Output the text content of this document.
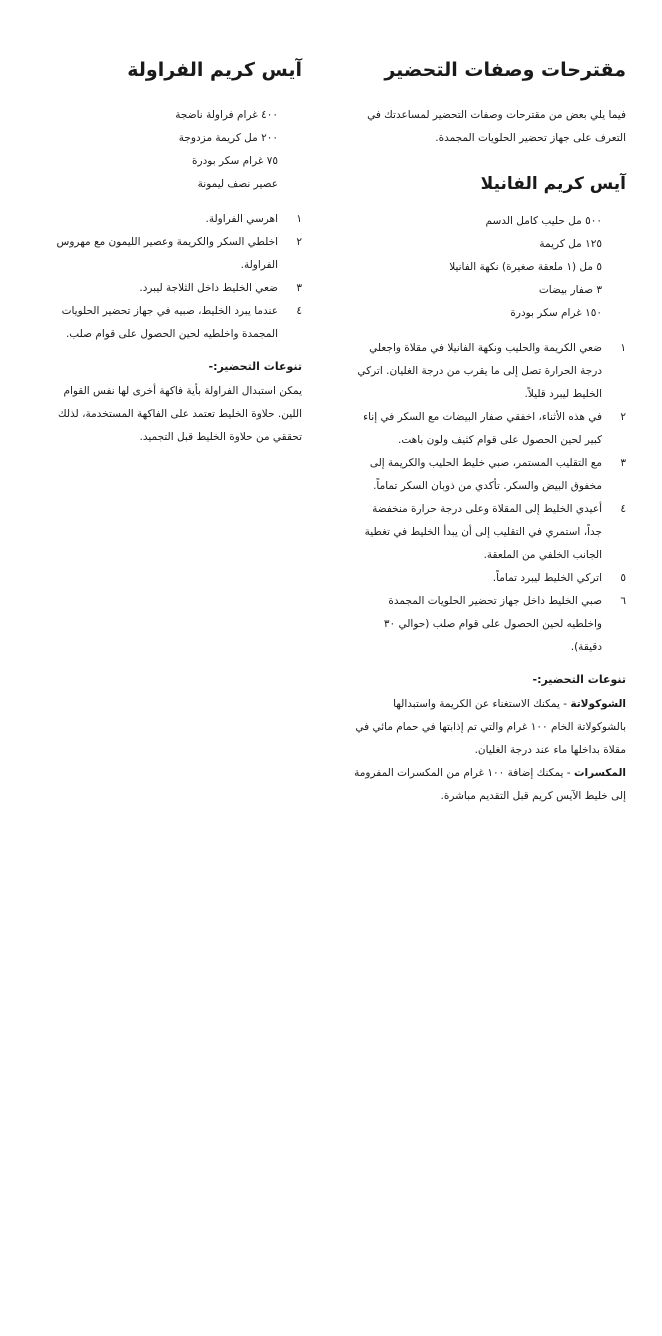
مقترحات وصفات التحضير

فيما يلي بعض من مقترحات وصفات التحضير لمساعدتك في التعرف على جهاز تحضير الحلويات المجمدة.

آيس كريم الفانيلا
٥٠٠ مل حليب كامل الدسم
١٢٥ مل كريمة
٥ مل (١ ملعقة صغيرة) نكهة الفانيلا
٣ صفار بيضات
١٥٠ غرام سكر بودرة
١
ضعي الكريمة والحليب ونكهة الفانيلا في مقلاة واجعلي درجة الحرارة تصل إلى ما يقرب من درجة الغليان. اتركي الخليط ليبرد قليلاً.
٢
في هذه الأثناء، اخفقي صفار البيضات مع السكر في إناء كبير لحين الحصول على قوام كثيف ولون باهت.
٣
مع التقليب المستمر، صبي خليط الحليب والكريمة إلى مخفوق البيض والسكر. تأكدي من ذوبان السكر تماماً.
٤
أعيدي الخليط إلى المقلاة وعلى درجة حرارة منخفضة جداً، استمري في التقليب إلى أن يبدأ الخليط في تغطية الجانب الخلفي من الملعقة.
٥
اتركي الخليط ليبرد تماماً.
٦
صبي الخليط داخل جهاز تحضير الحلويات المجمدة واخلطيه لحين الحصول على قوام صلب (حوالي ٣٠ دقيقة).
تنوعات التحضير:-

الشوكولاتة - يمكنك الاستغناء عن الكريمة واستبدالها بالشوكولاتة الخام ١٠٠ غرام والتي تم إذابتها في حمام مائي في مقلاة بداخلها ماء عند درجة الغليان.

المكسرات - يمكنك إضافة ١٠٠ غرام من المكسرات المفرومة إلى خليط الآيس كريم قبل التقديم مباشرة.

آيس كريم الفراولة
٤٠٠ غرام فراولة ناضجة
٢٠٠ مل كريمة مزدوجة
٧٥ غرام سكر بودرة
عصير نصف ليمونة
١
اهرسي الفراولة.
٢
اخلطي السكر والكريمة وعصير الليمون مع مهروس الفراولة.
٣
ضعي الخليط داخل الثلاجة ليبرد.
٤
عندما يبرد الخليط، صبيه في جهاز تحضير الحلويات المجمدة واخلطيه لحين الحصول على قوام صلب.
تنوعات التحضير:-

يمكن استبدال الفراولة بأية فاكهة أخرى لها نفس القوام اللين. حلاوة الخليط تعتمد على الفاكهة المستخدمة، لذلك تحققي من حلاوة الخليط قبل التجميد.
